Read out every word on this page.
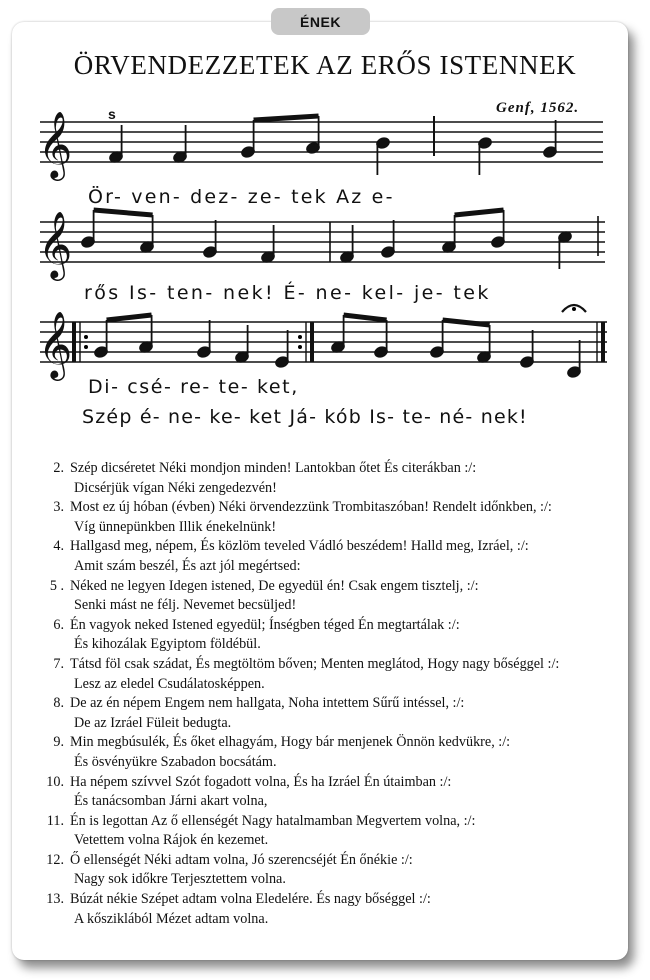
ÉNEK
ÖRVENDEZZETEK AZ ERŐS ISTENNEK
Genf, 1562.
s
𝄞
𝄞
𝄞
Ör- ven- dez- ze- tek Az e-
rős Is- ten- nek! É- ne- kel- je- tek
Di- csé- re- te- ket,
Szép é- ne- ke- ket Já- kób Is- te- né- nek!
2. Szép dicséretet Néki mondjon minden! Lantokban őtet És citerákban :/:
Dicsérjük vígan Néki zengedezvén!
3. Most ez új hóban (évben) Néki örvendezzünk Trombitaszóban! Rendelt időnkben, :/:
Víg ünnepünkben Illik énekelnünk!
4. Hallgasd meg, népem, És közlöm teveled Vádló beszédem! Halld meg, Izráel, :/:
Amit szám beszél, És azt jól megértsed:
5 . Néked ne legyen Idegen istened, De egyedül én! Csak engem tisztelj, :/:
Senki mást ne félj. Nevemet becsüljed!
6. Én vagyok neked Istened egyedül; Ínségben téged Én megtartálak :/:
És kihozálak Egyiptom földébül.
7. Tátsd föl csak szádat, És megtöltöm bőven; Menten meglátod, Hogy nagy bőséggel :/:
Lesz az eledel Csudálatosképpen.
8. De az én népem Engem nem hallgata, Noha intettem Sűrű intéssel, :/:
De az Izráel Füleit bedugta.
9. Min megbúsulék, És őket elhagyám, Hogy bár menjenek Önnön kedvükre, :/:
És ösvényükre Szabadon bocsátám.
10. Ha népem szívvel Szót fogadott volna, És ha Izráel Én útaimban :/:
És tanácsomban Járni akart volna,
11. Én is legottan Az ő ellenségét Nagy hatalmamban Megvertem volna, :/:
Vetettem volna Rájok én kezemet.
12. Ő ellenségét Néki adtam volna, Jó szerencséjét Én őnékie :/:
Nagy sok időkre Terjesztettem volna.
13. Búzát nékie Szépet adtam volna Eledelére. És nagy bőséggel :/:
A kősziklából Mézet adtam volna.
